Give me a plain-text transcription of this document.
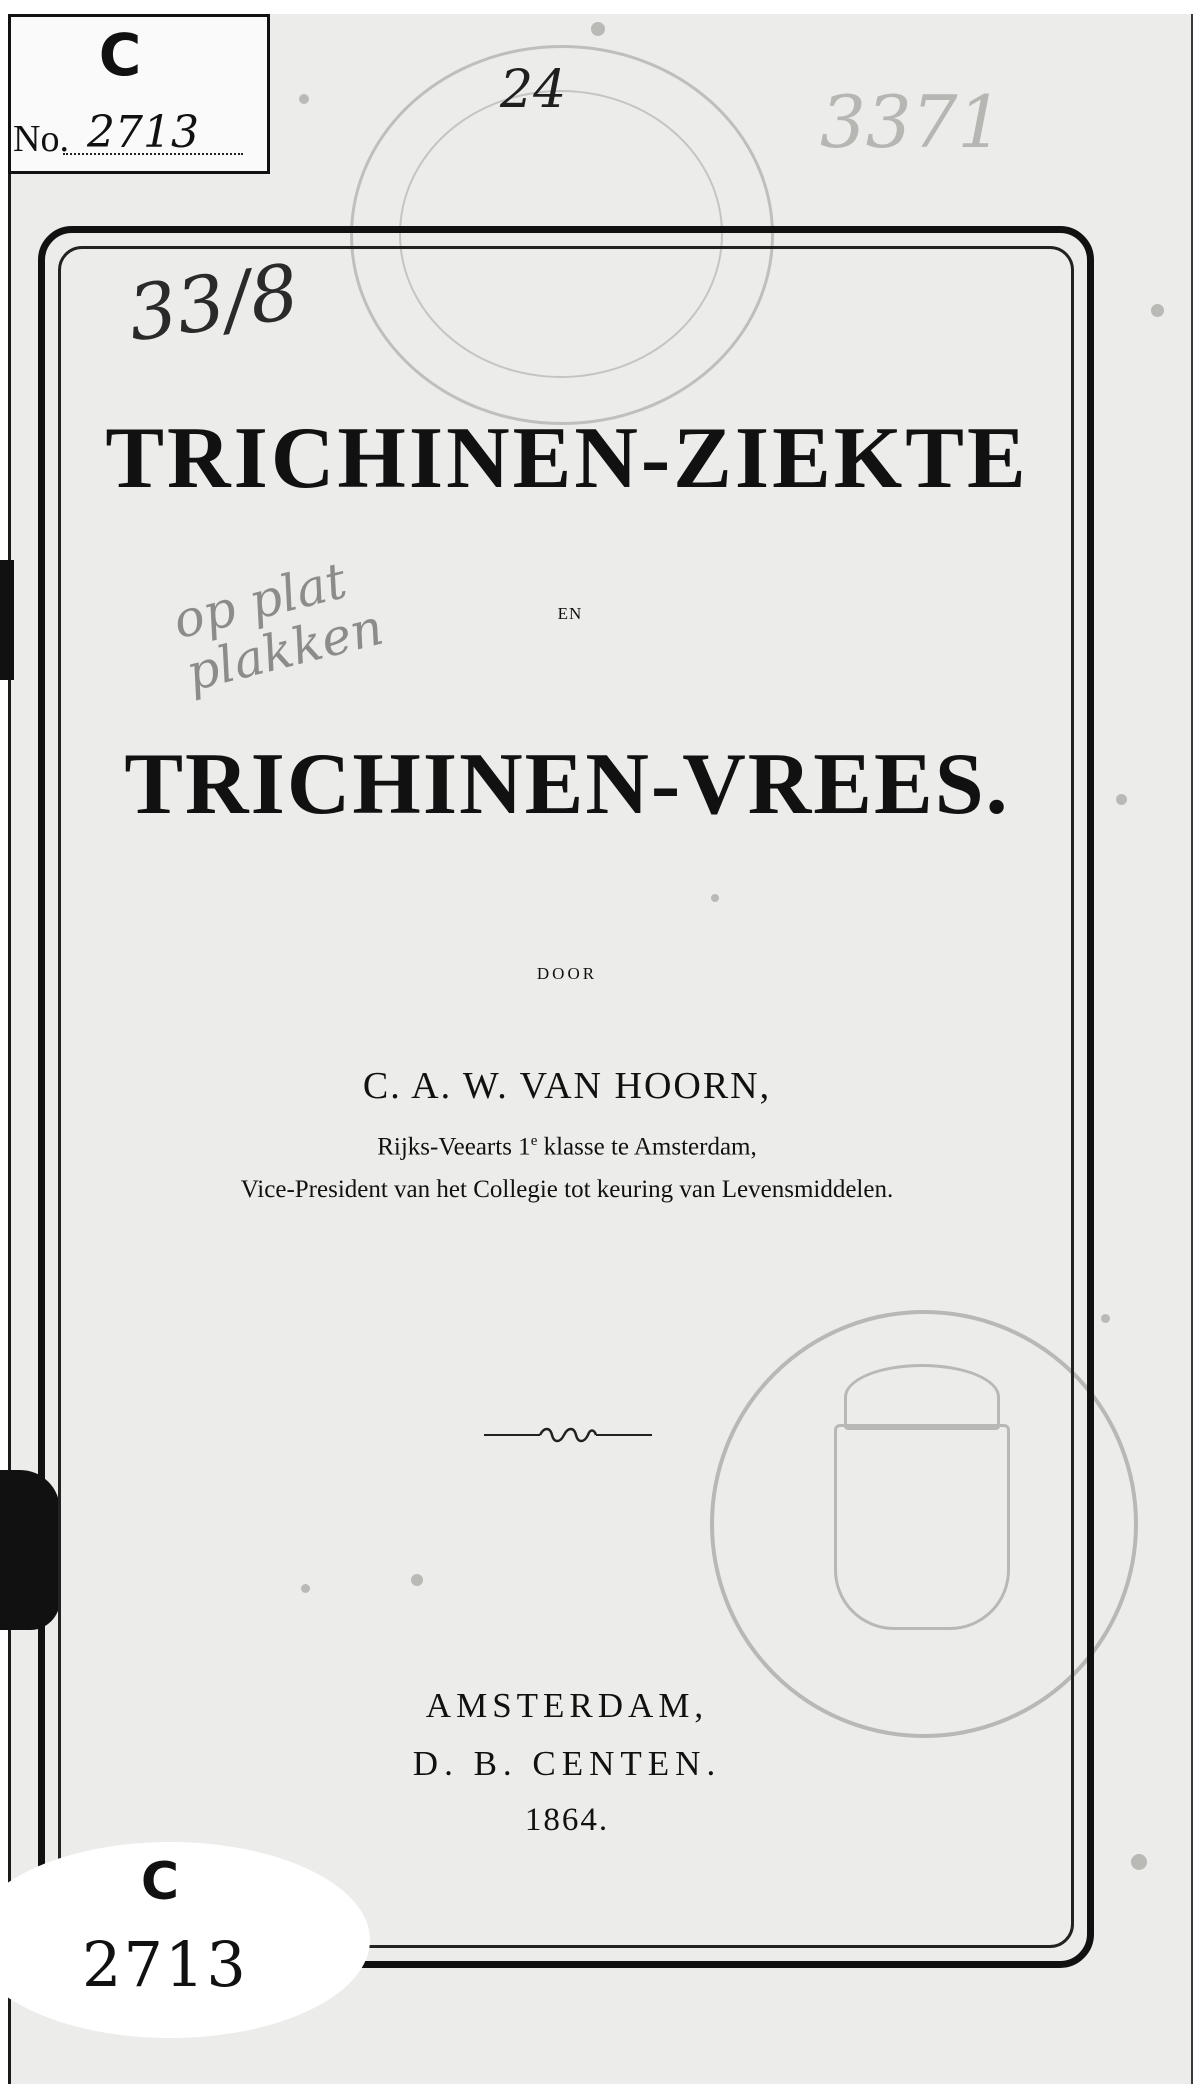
C
No. 2713
24	3371
33/8
op plat
plakken
TRICHINEN-ZIEKTE
EN
TRICHINEN-VREES.
DOOR
C. A. W. VAN HOORN,
Rijks-Veearts 1e klasse te Amsterdam,
Vice-President van het Collegie tot keuring van Levensmiddelen.
AMSTERDAM,
D. B. CENTEN.
1864.
C
2713
